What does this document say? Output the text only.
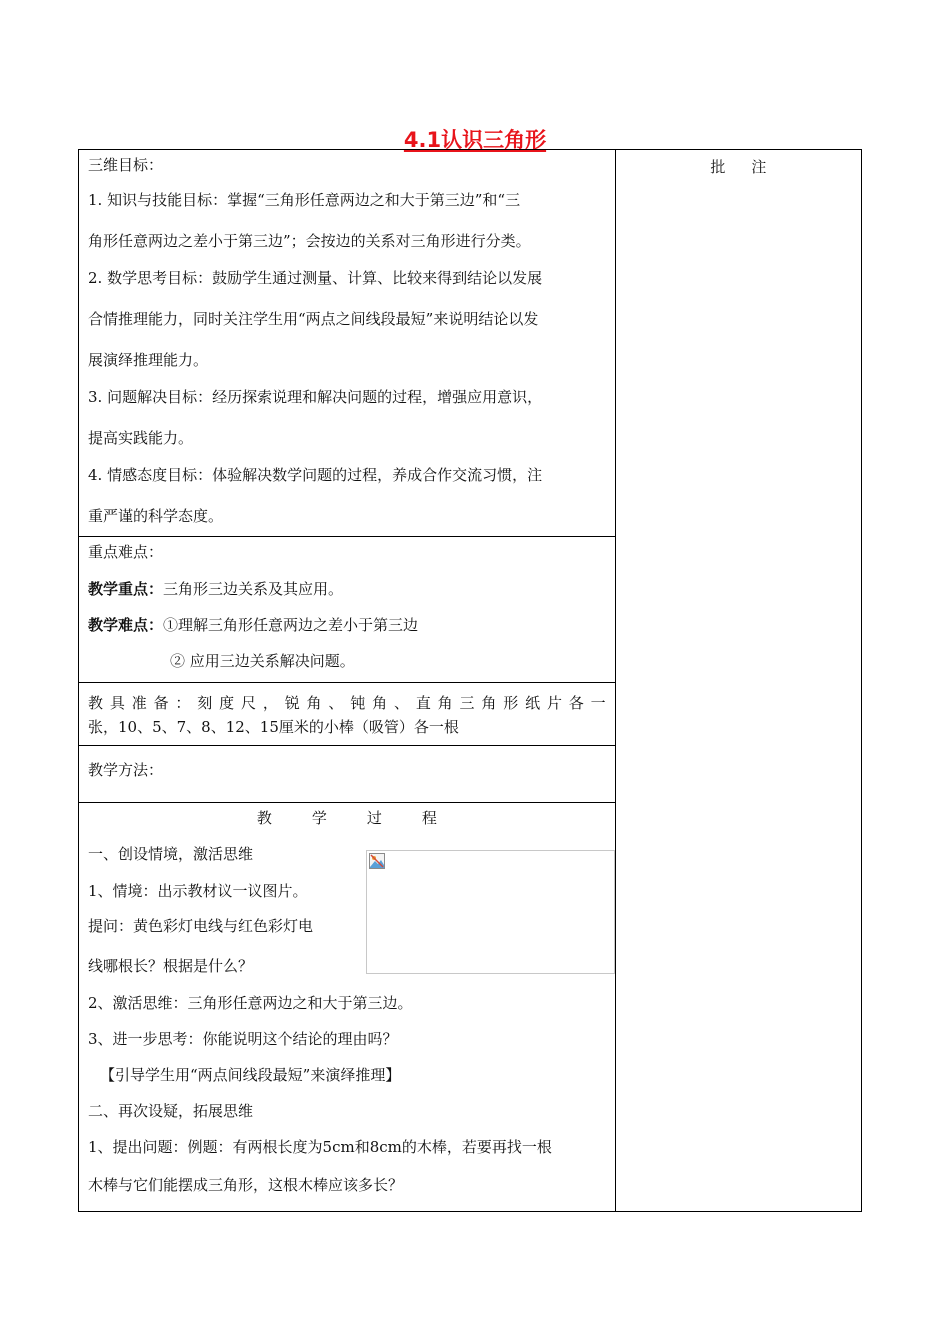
4.1认识三角形
三维目标：
1. 知识与技能目标：掌握“三角形任意两边之和大于第三边”和“三
角形任意两边之差小于第三边”；会按边的关系对三角形进行分类。
2. 数学思考目标：鼓励学生通过测量、计算、比较来得到结论以发展
合情推理能力，同时关注学生用“两点之间线段最短”来说明结论以发
展演绎推理能力。
3. 问题解决目标：经历探索说理和解决问题的过程，增强应用意识，
提高实践能力。
4. 情感态度目标：体验解决数学问题的过程，养成合作交流习惯，注
重严谨的科学态度。
	批注

重点难点：
教学重点：三角形三边关系及其应用。
教学难点：①理解三角形任意两边之差小于第三边
② 应用三边关系解决问题。

教具准备：刻度尺，锐角、钝角、直角三角形纸片各一
张，10、5、7、8、12、15厘米的小棒（吸管）各一根

教学方法：

教学过程
一、创设情境，激活思维
1、情境：出示教材议一议图片。
提问：黄色彩灯电线与红色彩灯电
线哪根长？根据是什么？
2、激活思维：三角形任意两边之和大于第三边。
3、进一步思考：你能说明这个结论的理由吗？
【引导学生用“两点间线段最短”来演绎推理】
二、再次设疑，拓展思维
1、提出问题：例题：有两根长度为5cm和8cm的木棒，若要再找一根
木棒与它们能摆成三角形，这根木棒应该多长？
